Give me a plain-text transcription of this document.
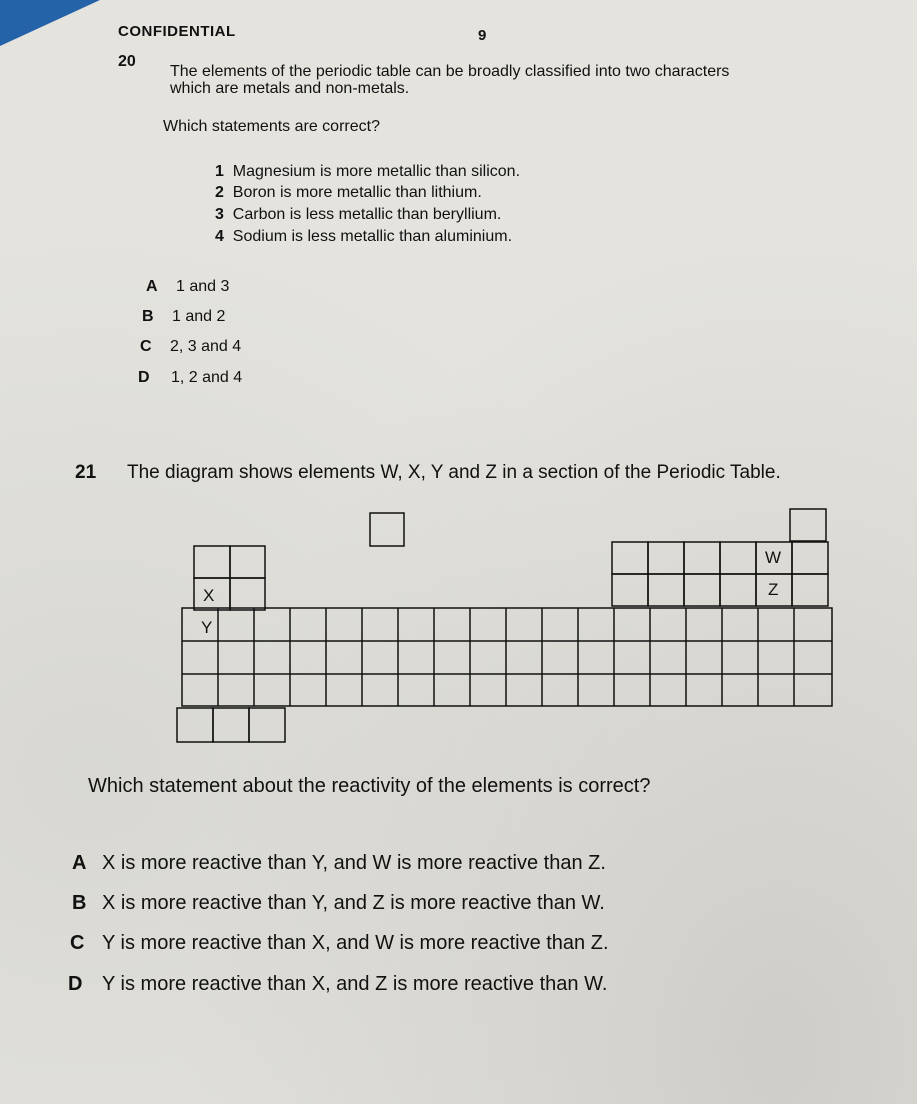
CONFIDENTIAL	9
20
The elements of the periodic table can be broadly classified into two characters
which are metals and non-metals.
Which statements are correct?
1 Magnesium is more metallic than silicon.
2 Boron is more metallic than lithium.
3 Carbon is less metallic than beryllium.
4 Sodium is less metallic than aluminium.
A 1 and 3
B 1 and 2
C 2, 3 and 4
D 1, 2 and 4
21 The diagram shows elements W, X, Y and Z in a section of the Periodic Table.
X
Y
W
Z
Which statement about the reactivity of the elements is correct?
A X is more reactive than Y, and W is more reactive than Z.
B X is more reactive than Y, and Z is more reactive than W.
C Y is more reactive than X, and W is more reactive than Z.
D Y is more reactive than X, and Z is more reactive than W.
